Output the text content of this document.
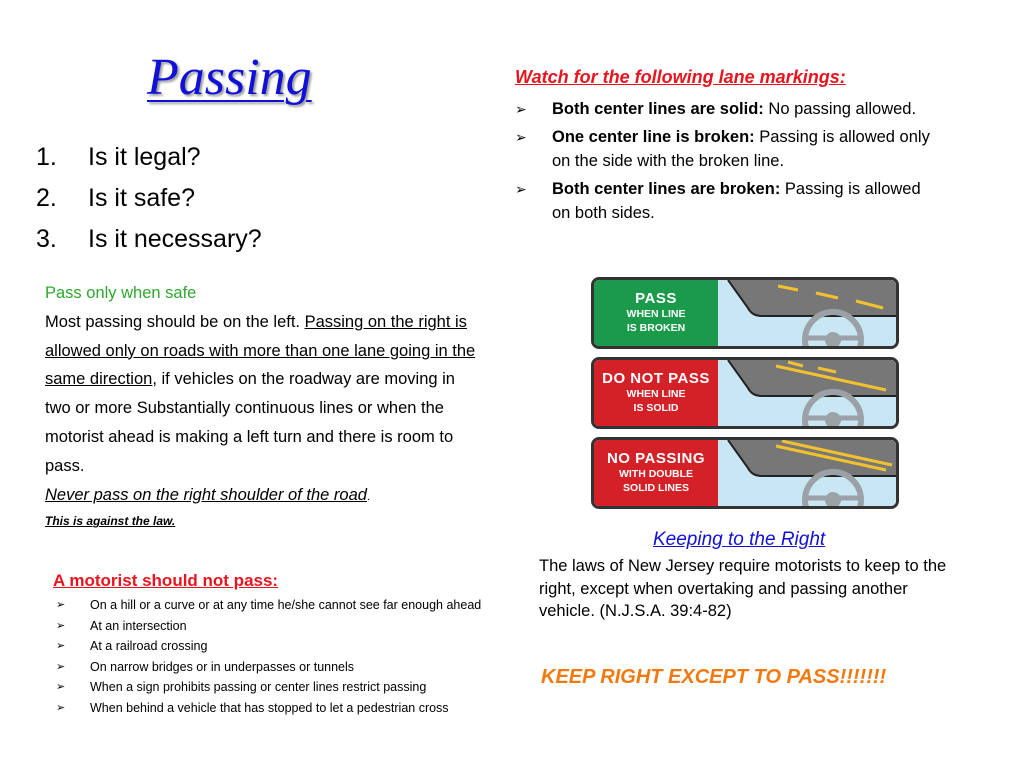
Passing
1.	Is it legal?
2.	Is it safe?
3.	Is it necessary?
Pass only when safe
Most passing should be on the left. Passing on the right is allowed only on roads with more than one lane going in the same direction, if vehicles on the roadway are moving in two or more Substantially continuous lines or when the motorist ahead is making a left turn and there is room to pass.
Never pass on the right shoulder of the road.
This is against the law.
A motorist should not pass:
➢	On a hill or a curve or at any time he/she cannot see far enough ahead
➢	At an intersection
➢	At a railroad crossing
➢	On narrow bridges or in underpasses or tunnels
➢	When a sign prohibits passing or center lines restrict passing
➢	When behind a vehicle that has stopped to let a pedestrian cross
Watch for the following lane markings:
➢	Both center lines are solid: No passing allowed.
➢	One center line is broken: Passing is allowed only on the side with the broken line.
➢	Both center lines are broken: Passing is allowed on both sides.
PASS
WHEN LINE
IS BROKEN
DO NOT PASS
WHEN LINE
IS SOLID
NO PASSING
WITH DOUBLE
SOLID LINES
Keeping to the Right
The laws of New Jersey require motorists to keep to the right, except when overtaking and passing another vehicle. (N.J.S.A. 39:4-82)
KEEP RIGHT EXCEPT TO PASS!!!!!!!
